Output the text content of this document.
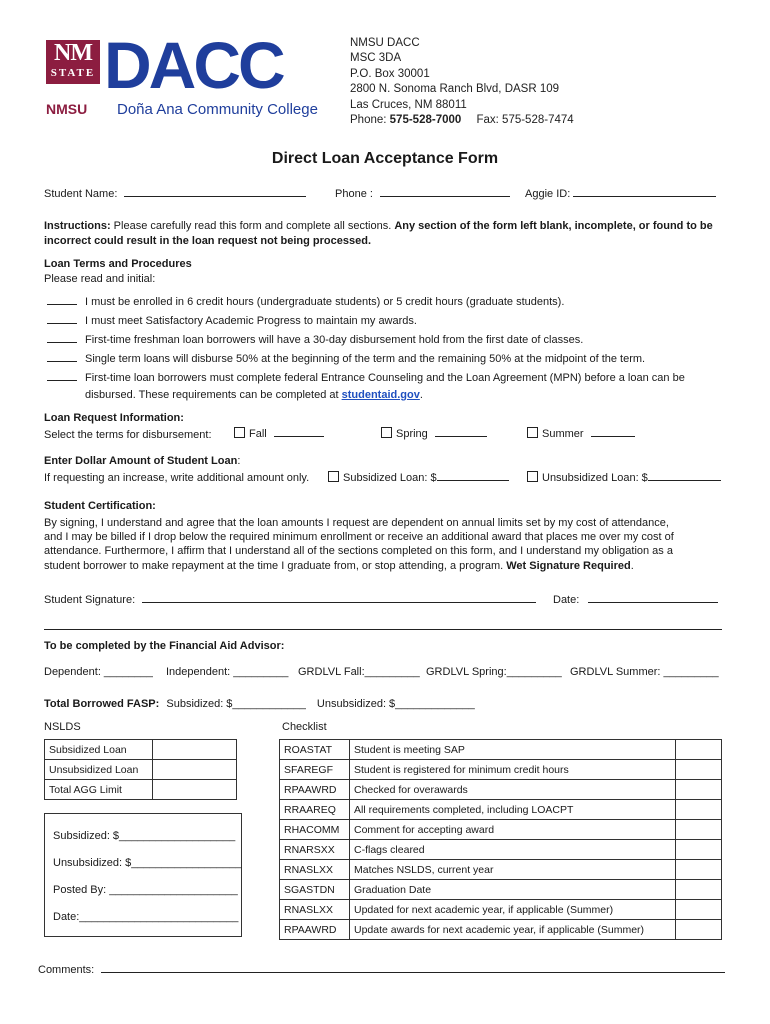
NM
STATE DACC
NMSU Doña Ana Community College
NMSU DACC
MSC 3DA
P.O. Box 30001
2800 N. Sonoma Ranch Blvd, DASR 109
Las Cruces, NM 88011
Phone: 575-528-7000 Fax: 575-528-7474
Direct Loan Acceptance Form
Student Name:	Phone :	Aggie ID:
Instructions: Please carefully read this form and complete all sections. Any section of the form left blank, incomplete, or found to be
incorrect could result in the loan request not being processed.
Loan Terms and Procedures
Please read and initial:
I must be enrolled in 6 credit hours (undergraduate students) or 5 credit hours (graduate students).
I must meet Satisfactory Academic Progress to maintain my awards.
First-time freshman loan borrowers will have a 30-day disbursement hold from the first date of classes.
Single term loans will disburse 50% at the beginning of the term and the remaining 50% at the midpoint of the term.
First-time loan borrowers must complete federal Entrance Counseling and the Loan Agreement (MPN) before a loan can be
disbursed. These requirements can be completed at studentaid.gov.
Loan Request Information:
Select the terms for disbursement:	Fall	Spring	Summer
Enter Dollar Amount of Student Loan:
If requesting an increase, write additional amount only.	Subsidized Loan: $	Unsubsidized Loan: $
Student Certification:
By signing, I understand and agree that the loan amounts I request are dependent on annual limits set by my cost of attendance,
and I may be billed if I drop below the required minimum enrollment or receive an additional award that places me over my cost of
attendance. Furthermore, I affirm that I understand all of the sections completed on this form, and I understand my obligation as a
student borrower to make repayment at the time I graduate from, or stop attending, a program. Wet Signature Required.
Student Signature:	Date:
To be completed by the Financial Aid Advisor:
Dependent: ________ Independent: _________ GRDLVL Fall:_________ GRDLVL Spring:_________ GRDLVL Summer: _________
Total Borrowed FASP: Subsidized: $____________ Unsubsidized: $_____________
NSLDS	Checklist
Subsidized Loan	
Unsubsidized Loan	
Total AGG Limit	
Subsidized: $___________________
Unsubsidized: $__________________
Posted By: _____________________
Date:__________________________
ROASTAT	Student is meeting SAP	
SFAREGF	Student is registered for minimum credit hours	
RPAAWRD	Checked for overawards	
RRAAREQ	All requirements completed, including LOACPT	
RHACOMM	Comment for accepting award	
RNARSXX	C-flags cleared	
RNASLXX	Matches NSLDS, current year	
SGASTDN	Graduation Date	
RNASLXX	Updated for next academic year, if applicable (Summer)	
RPAAWRD	Update awards for next academic year, if applicable (Summer)	
Comments:
